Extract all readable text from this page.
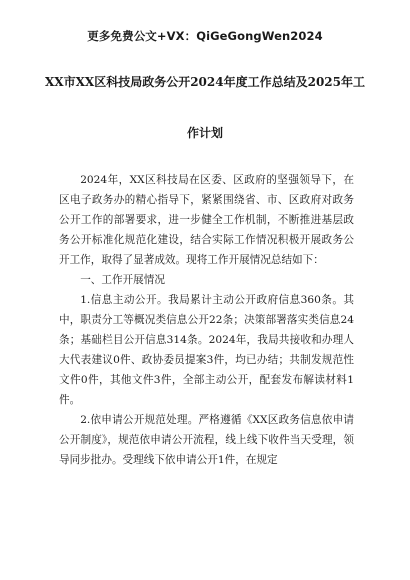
更多免费公文+VX：QiGeGongWen2024
XX市XX区科技局政务公开2024年度工作总结及2025年工
作计划

2024年，XX区科技局在区委、区政府的坚强领导下，在区电子政务办的精心指导下，紧紧围绕省、市、区政府对政务公开工作的部署要求，进一步健全工作机制，不断推进基层政务公开标准化规范化建设，结合实际工作情况积极开展政务公开工作，取得了显著成效。现将工作开展情况总结如下：

一、工作开展情况

1.信息主动公开。我局累计主动公开政府信息360条。其中，职责分工等概况类信息公开22条；决策部署落实类信息24条；基础栏目公开信息314条。2024年，我局共接收和办理人大代表建议0件、政协委员提案3件，均已办结；共制发规范性文件0件，其他文件3件，全部主动公开，配套发布解读材料1件。

2.依申请公开规范处理。严格遵循《XX区政务信息依申请公开制度》，规范依申请公开流程，线上线下收件当天受理，领导同步批办。受理线下依申请公开1件，在规定
